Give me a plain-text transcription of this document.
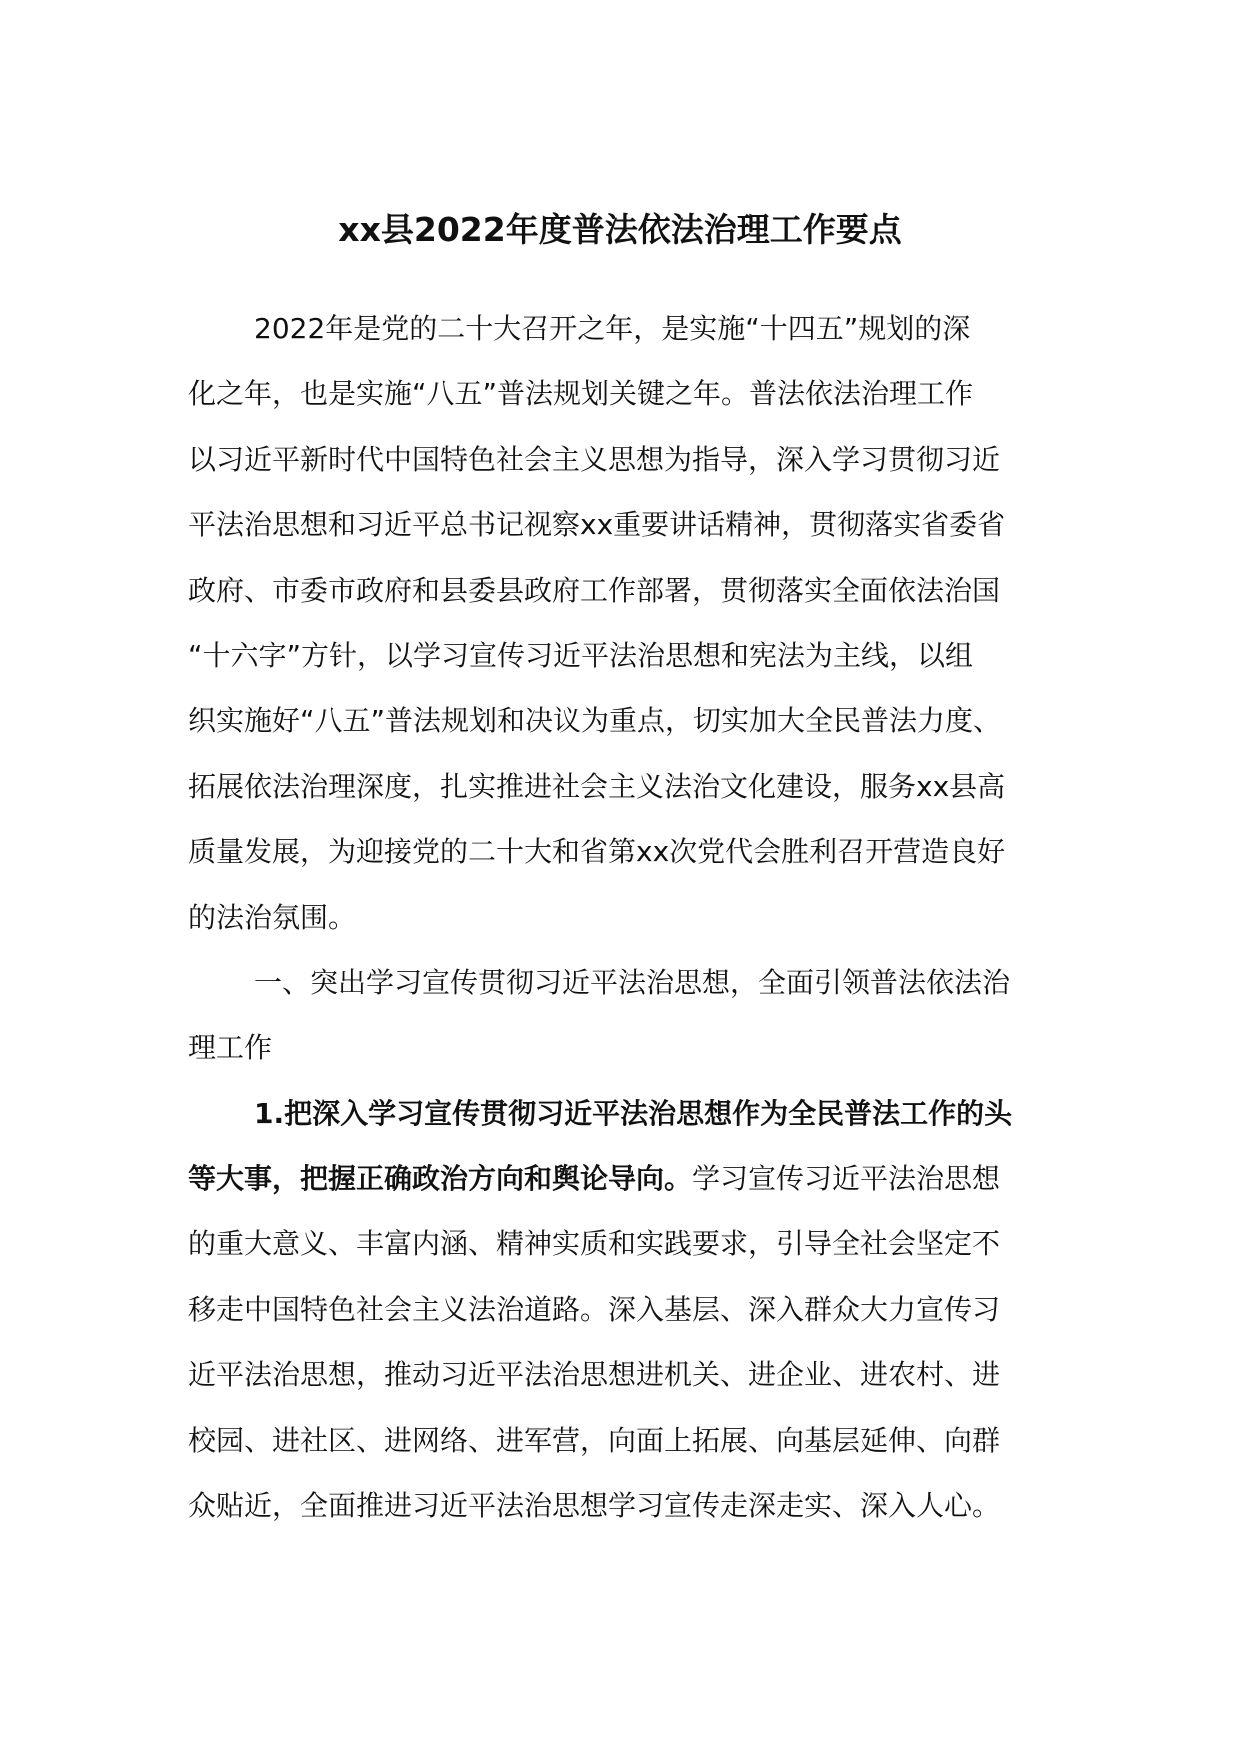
xx县2022年度普法依法治理工作要点
2022年是党的二十大召开之年，是实施“十四五”规划的深
化之年，也是实施“八五”普法规划关键之年。普法依法治理工作
以习近平新时代中国特色社会主义思想为指导，深入学习贯彻习近
平法治思想和习近平总书记视察xx重要讲话精神，贯彻落实省委省
政府、市委市政府和县委县政府工作部署，贯彻落实全面依法治国
“十六字”方针，以学习宣传习近平法治思想和宪法为主线，以组
织实施好“八五”普法规划和决议为重点，切实加大全民普法力度、
拓展依法治理深度，扎实推进社会主义法治文化建设，服务xx县高
质量发展，为迎接党的二十大和省第xx次党代会胜利召开营造良好
的法治氛围。
一、突出学习宣传贯彻习近平法治思想，全面引领普法依法治
理工作
1.把深入学习宣传贯彻习近平法治思想作为全民普法工作的头
等大事，把握正确政治方向和舆论导向。学习宣传习近平法治思想
的重大意义、丰富内涵、精神实质和实践要求，引导全社会坚定不
移走中国特色社会主义法治道路。深入基层、深入群众大力宣传习
近平法治思想，推动习近平法治思想进机关、进企业、进农村、进
校园、进社区、进网络、进军营，向面上拓展、向基层延伸、向群
众贴近，全面推进习近平法治思想学习宣传走深走实、深入人心。
